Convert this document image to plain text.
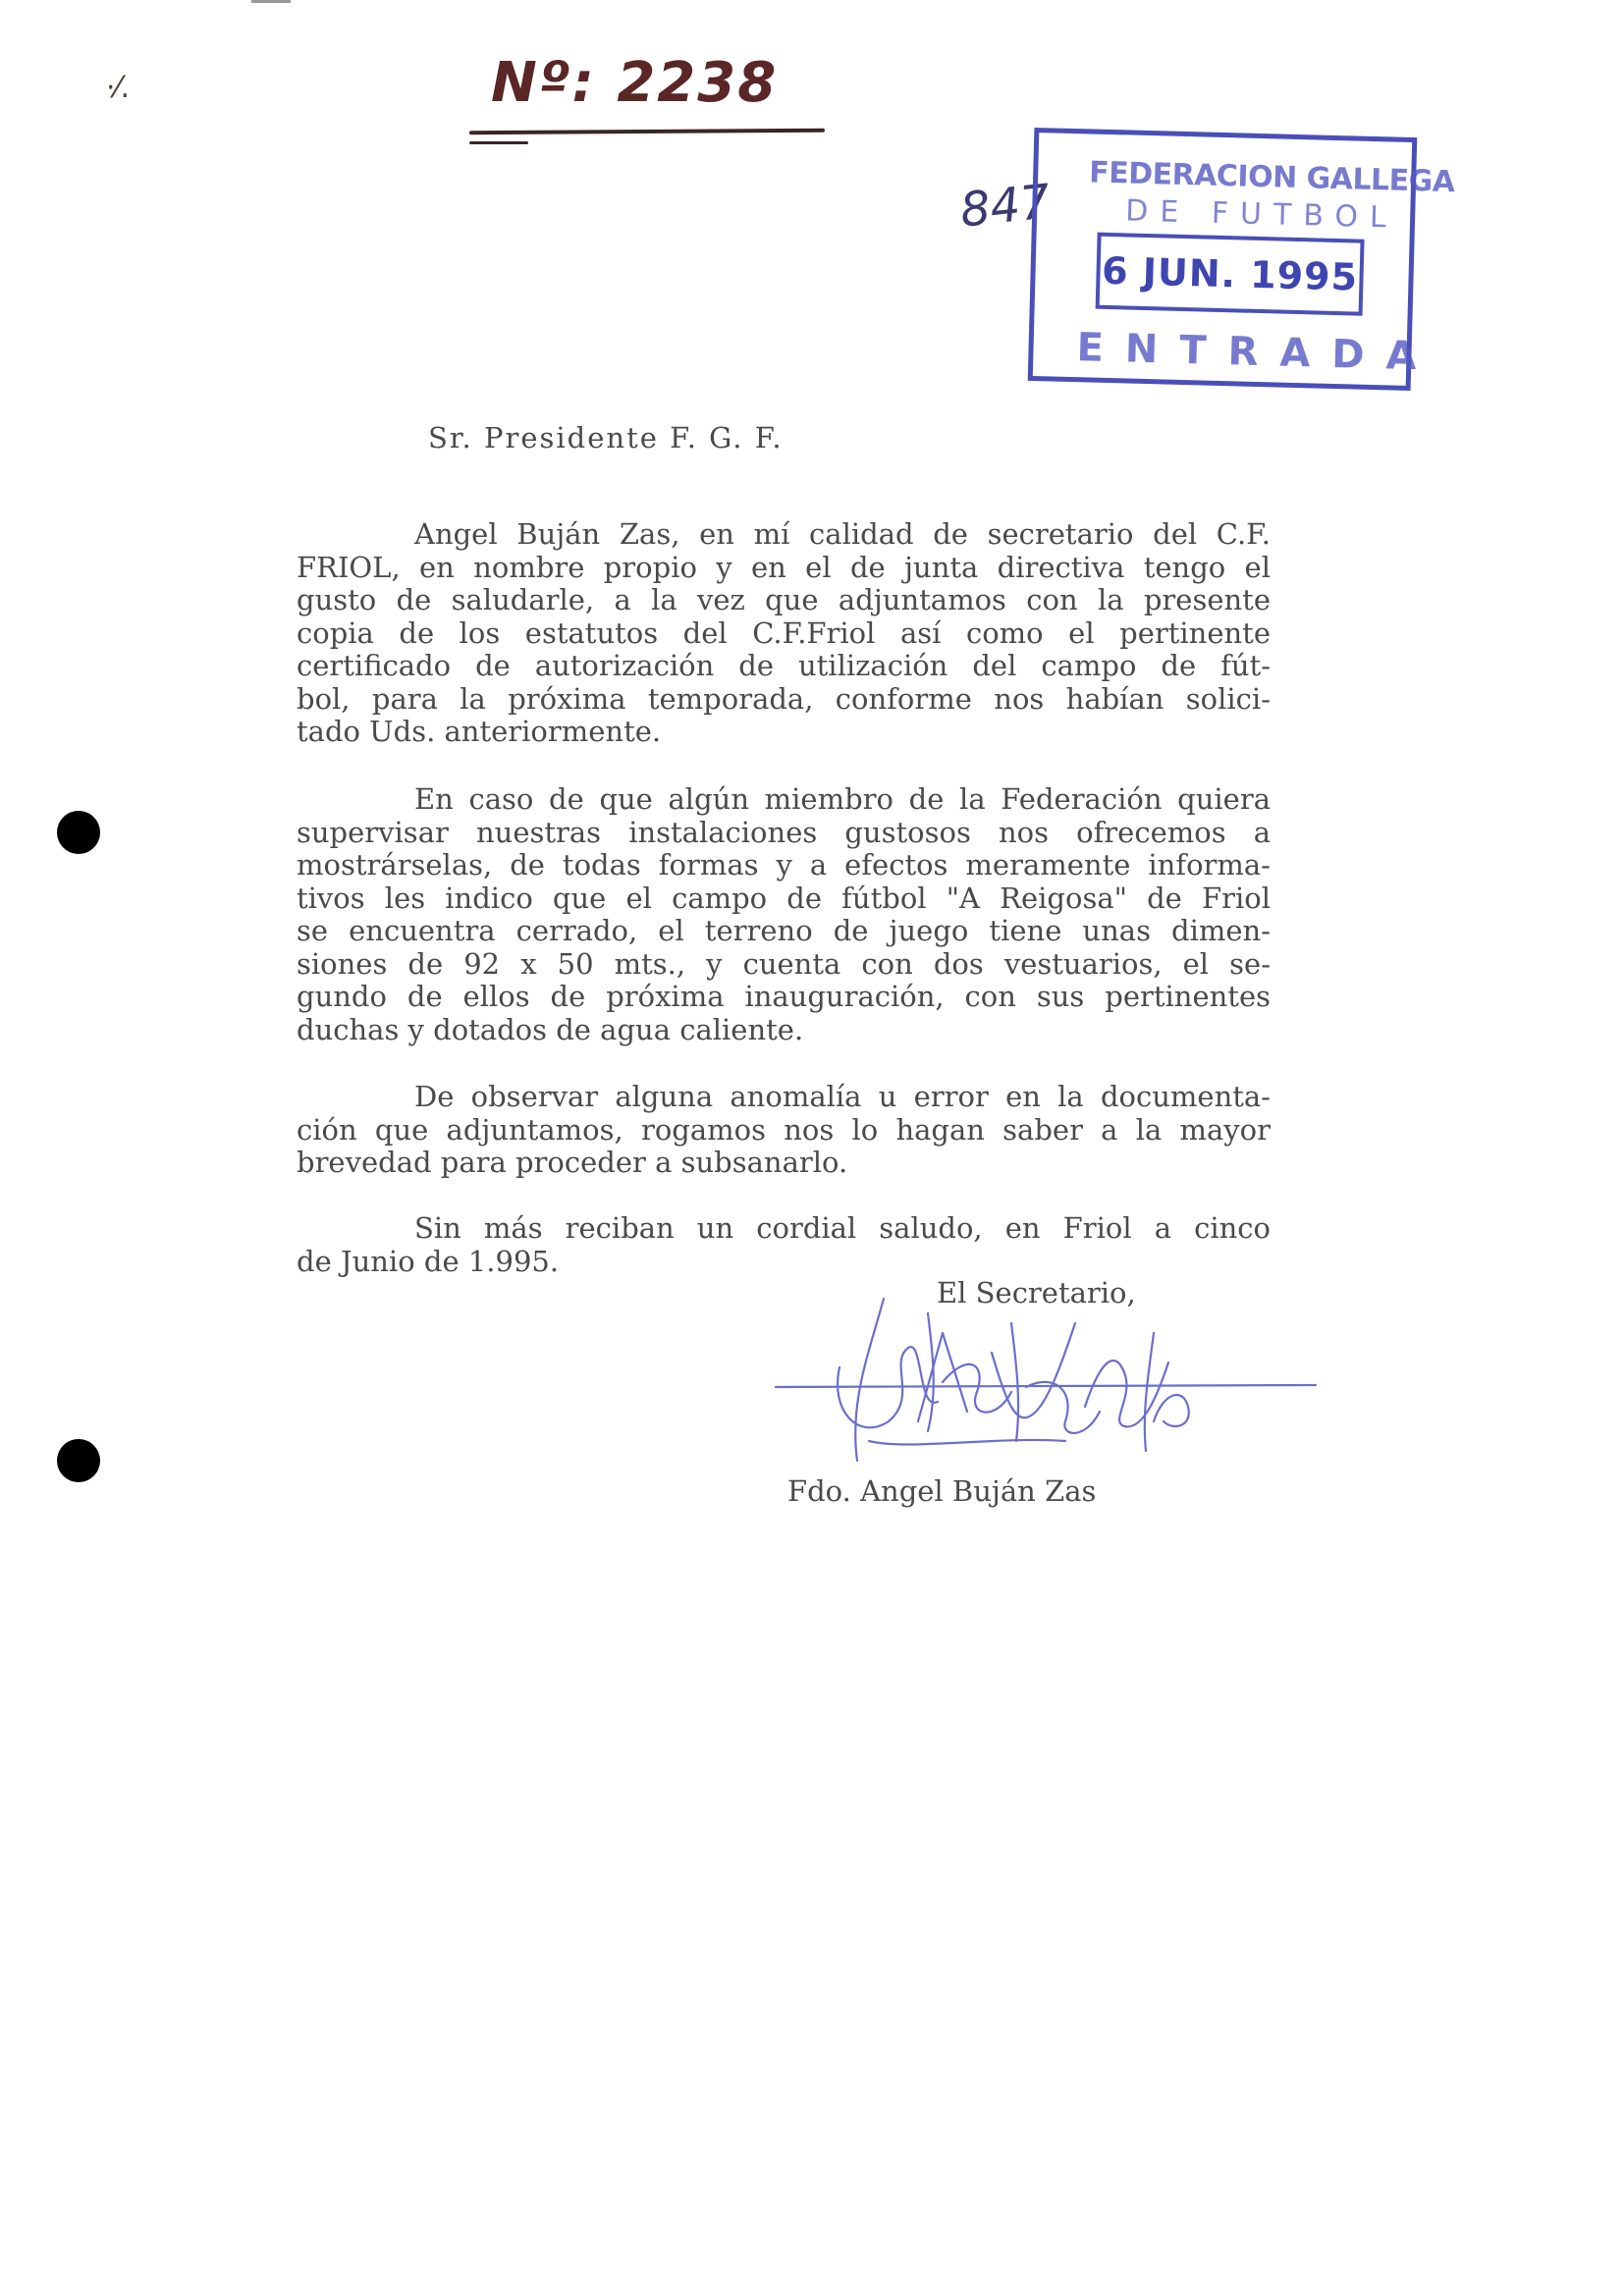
·⁄.	Nº: 2238
847 FEDERACION GALLEGA
DE FUTBOL
6 JUN. 1995
ENTRADA
Sr. Presidente F. G. F.
Angel Buján Zas, en mí calidad de secretario del C.F.
FRIOL, en nombre propio y en el de junta directiva tengo el
gusto de saludarle, a la vez que adjuntamos con la presente
copia de los estatutos del C.F.Friol así como el pertinente
certificado de autorización de utilización del campo de fút-
bol, para la próxima temporada, conforme nos habían solici-
tado Uds. anteriormente.
En caso de que algún miembro de la Federación quiera
supervisar nuestras instalaciones gustosos nos ofrecemos a
mostrárselas, de todas formas y a efectos meramente informa-
tivos les indico que el campo de fútbol "A Reigosa" de Friol
se encuentra cerrado, el terreno de juego tiene unas dimen-
siones de 92 x 50 mts., y cuenta con dos vestuarios, el se-
gundo de ellos de próxima inauguración, con sus pertinentes
duchas y dotados de agua caliente.
De observar alguna anomalía u error en la documenta-
ción que adjuntamos, rogamos nos lo hagan saber a la mayor
brevedad para proceder a subsanarlo.
Sin más reciban un cordial saludo, en Friol a cinco
de Junio de 1.995.
El Secretario,
Fdo. Angel Buján Zas
